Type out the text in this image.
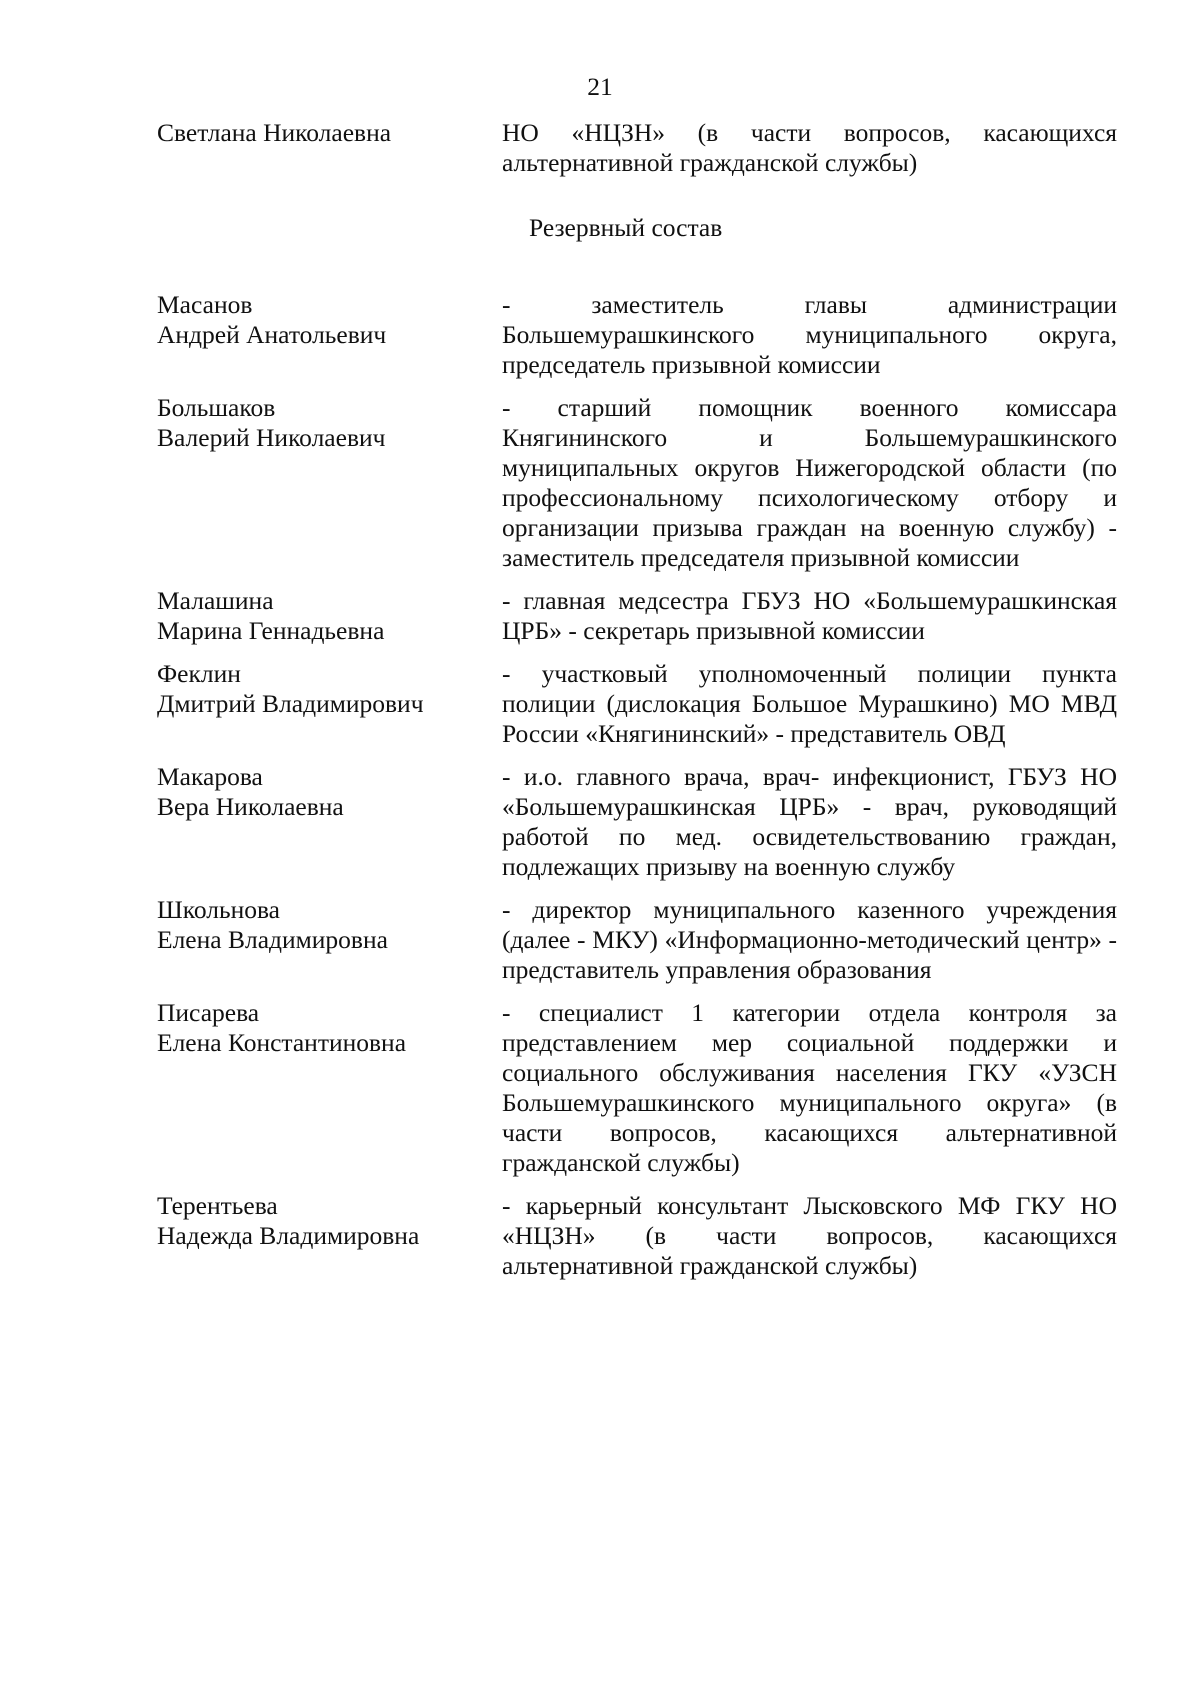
21
Светлана Николаевна	НО «НЦЗН» (в части вопросов, касающихся альтернативной гражданской службы)
Резервный состав
Масанов
Андрей Анатольевич
- заместитель главы администрации Большемурашкинского муниципального округа, председатель призывной комиссии
Большаков
Валерий Николаевич
- старший помощник военного комиссара Княгининского и Большемурашкинского муниципальных округов Нижегородской области (по профессиональному психологическому отбору и организации призыва граждан на военную службу) - заместитель председателя призывной комиссии
Малашина
Марина Геннадьевна
- главная медсестра ГБУЗ НО «Большемурашкинская ЦРБ» - секретарь призывной комиссии
Феклин
Дмитрий Владимирович
- участковый уполномоченный полиции пункта полиции (дислокация Большое Мурашкино) МО МВД России «Княгининский» - представитель ОВД
Макарова
Вера Николаевна
- и.о. главного врача, врач- инфекционист, ГБУЗ НО «Большемурашкинская ЦРБ» - врач, руководящий работой по мед. освидетельствованию граждан, подлежащих призыву на военную службу
Школьнова
Елена Владимировна
- директор муниципального казенного учреждения (далее - МКУ) «Информационно-методический центр» - представитель управления образования
Писарева
Елена Константиновна
- специалист 1 категории отдела контроля за представлением мер социальной поддержки и социального обслуживания населения ГКУ «УЗСН Большемурашкинского муниципального округа» (в части вопросов, касающихся альтернативной гражданской службы)
Терентьева
Надежда Владимировна
- карьерный консультант Лысковского МФ ГКУ НО «НЦЗН» (в части вопросов, касающихся альтернативной гражданской службы)
